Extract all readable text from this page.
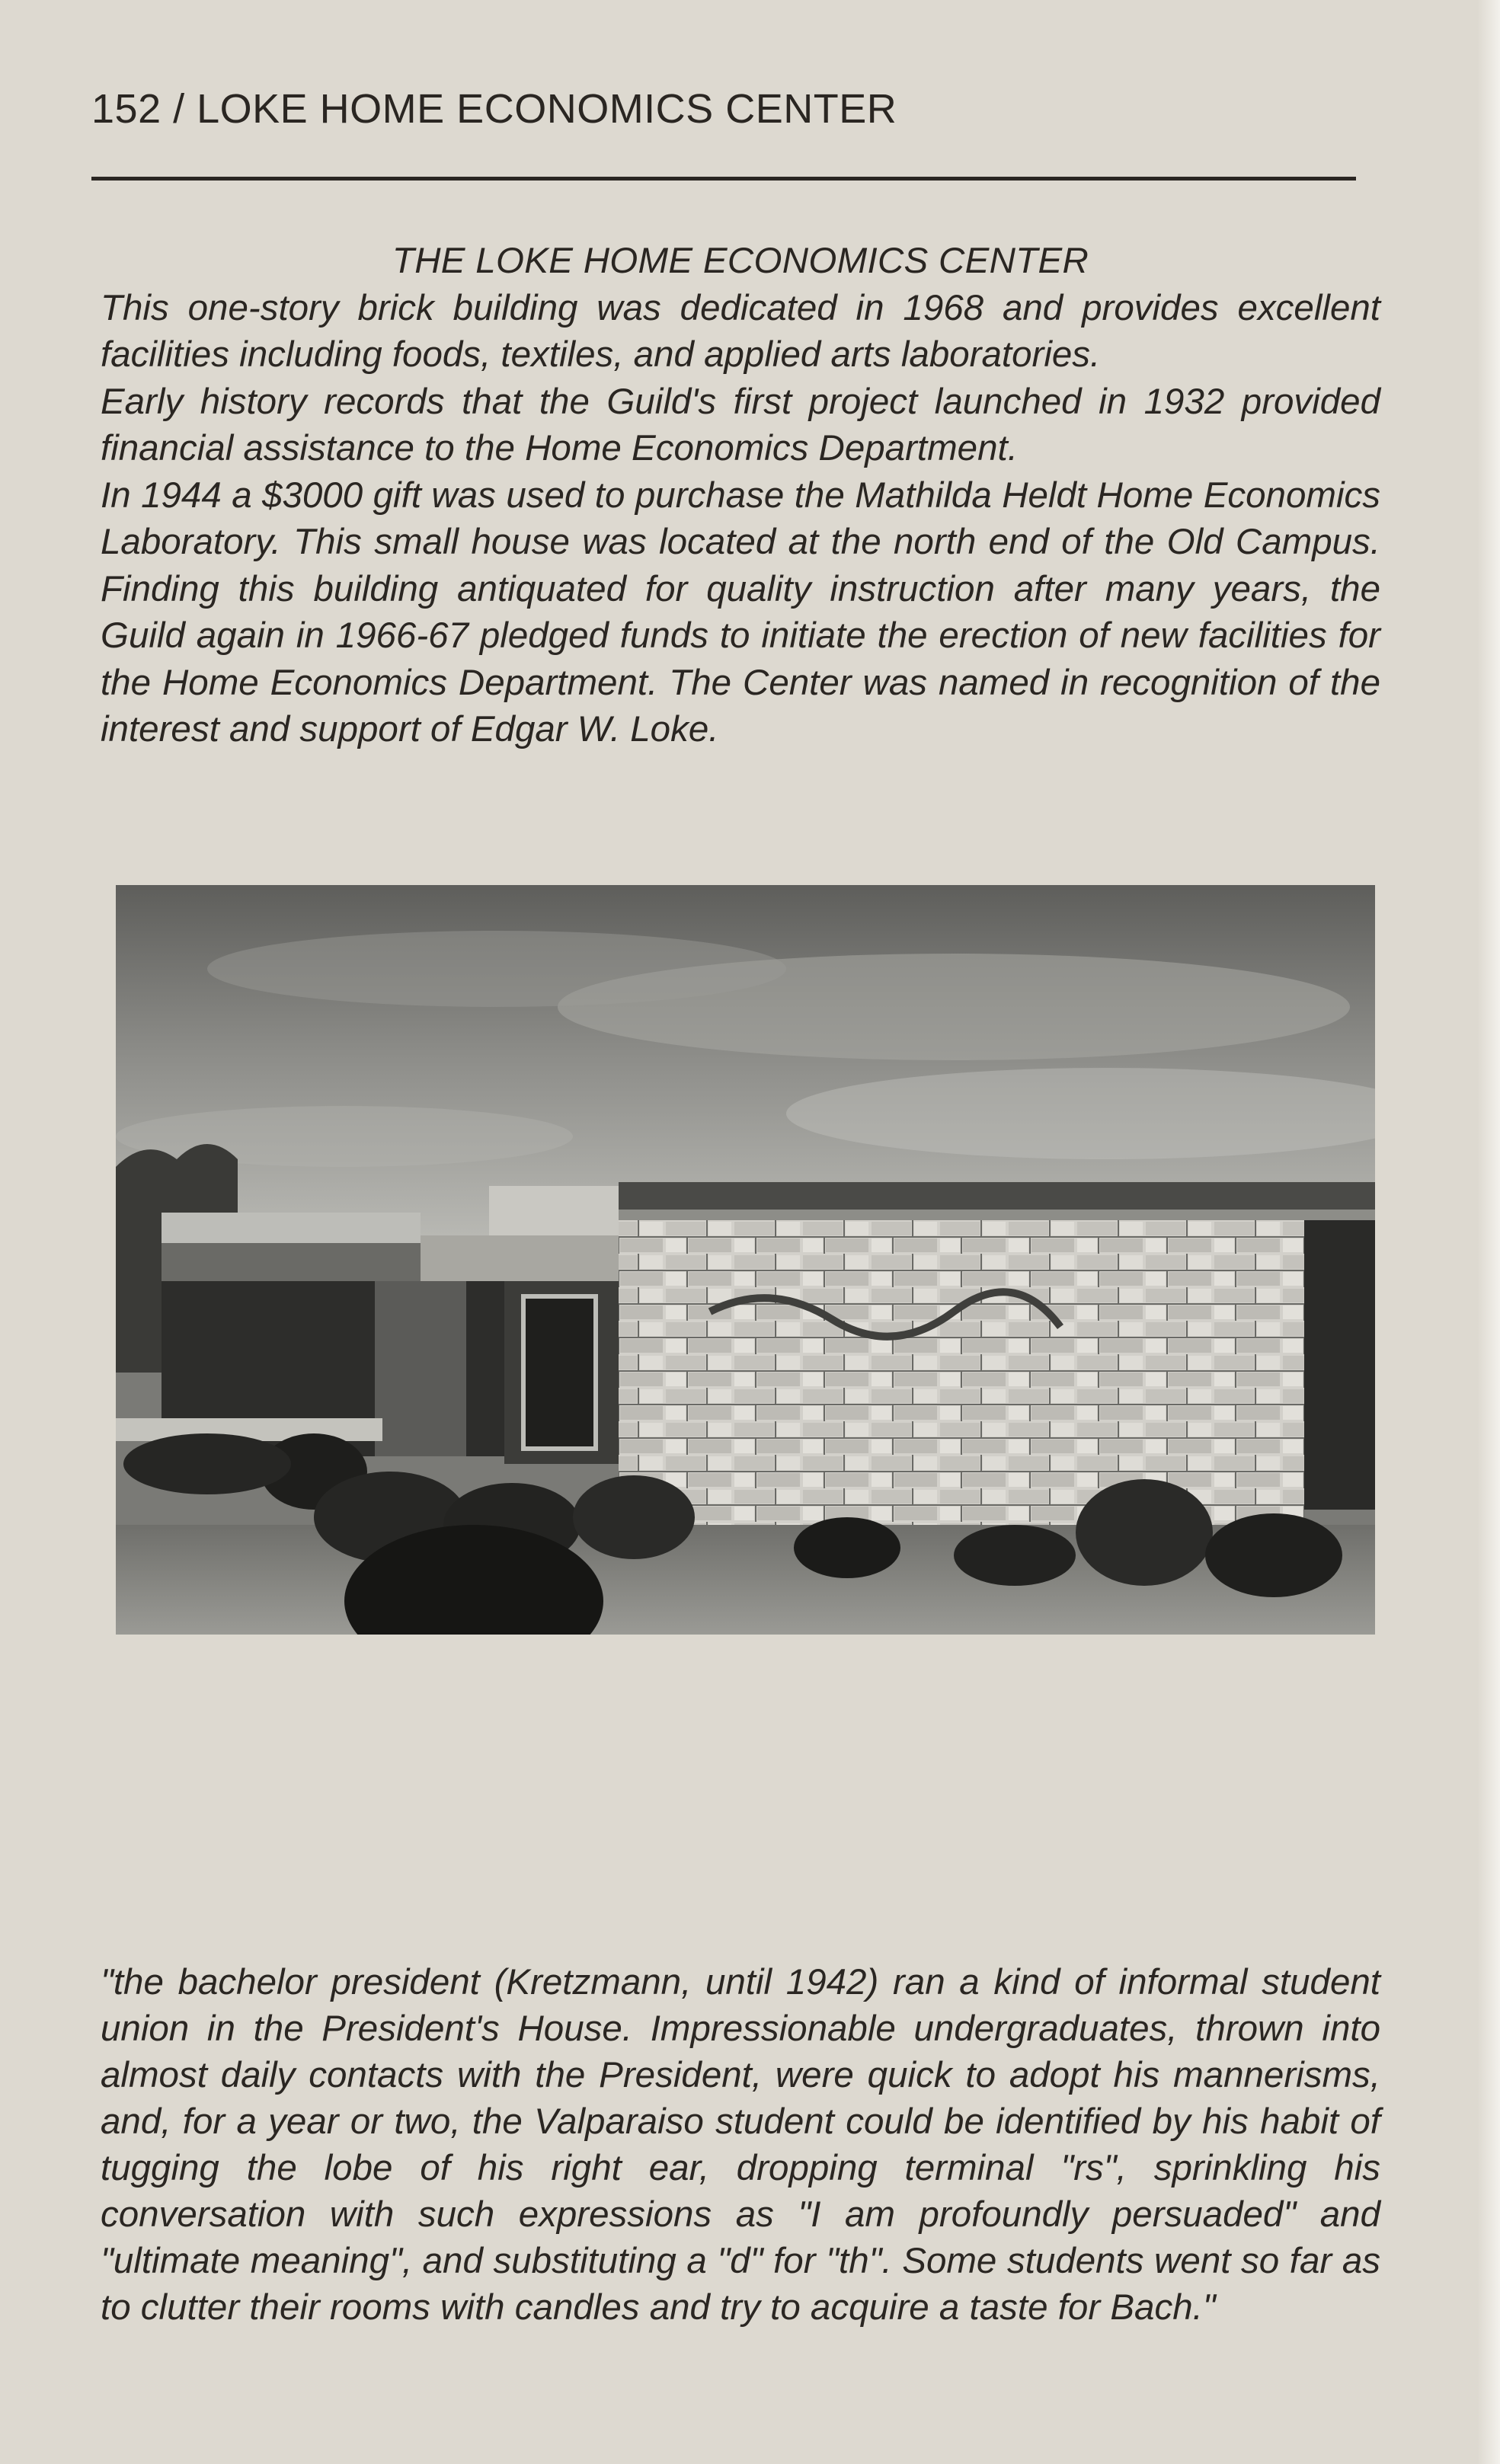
152 / LOKE HOME ECONOMICS CENTER
THE LOKE HOME ECONOMICS CENTER

This one-story brick building was dedicated in 1968 and provides excellent facilities including foods, textiles, and applied arts laboratories.

Early history records that the Guild's first project launched in 1932 provided financial assistance to the Home Economics Department.

In 1944 a $3000 gift was used to purchase the Mathilda Heldt Home Economics Laboratory. This small house was located at the north end of the Old Campus. Finding this building antiquated for quality instruction after many years, the Guild again in 1966-67 pledged funds to initiate the erection of new facilities for the Home Economics Department. The Center was named in recognition of the interest and support of Edgar W. Loke.

"the bachelor president (Kretzmann, until 1942) ran a kind of informal student union in the President's House. Impressionable undergraduates, thrown into almost daily contacts with the President, were quick to adopt his mannerisms, and, for a year or two, the Valparaiso student could be identified by his habit of tugging the lobe of his right ear, dropping terminal "rs", sprinkling his conversation with such expressions as "I am profoundly persuaded" and "ultimate meaning", and substituting a "d" for "th". Some students went so far as to clutter their rooms with candles and try to acquire a taste for Bach."
